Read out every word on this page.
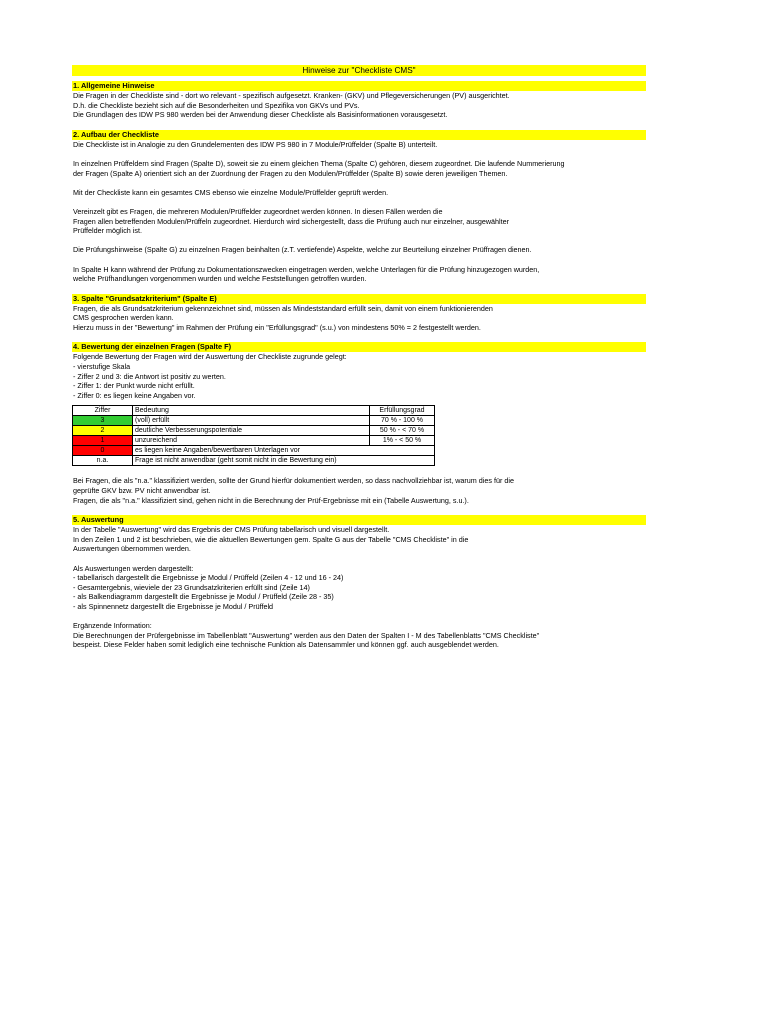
Hinweise zur "Checkliste CMS"
1. Allgemeine Hinweise
Die Fragen in der Checkliste sind - dort wo relevant - spezifisch aufgesetzt. Kranken- (GKV) und Pflegeversicherungen (PV) ausgerichtet.
D.h. die Checkliste bezieht sich auf die Besonderheiten und Spezifika von GKVs und PVs.
Die Grundlagen des IDW PS 980 werden bei der Anwendung dieser Checkliste als Basisinformationen vorausgesetzt.
2. Aufbau der Checkliste
Die Checkliste ist in Analogie zu den Grundelementen des IDW PS 980 in 7 Module/Prüffelder (Spalte B) unterteilt.
In einzelnen Prüffeldern sind Fragen (Spalte D), soweit sie zu einem gleichen Thema (Spalte C) gehören, diesem zugeordnet. Die laufende Nummerierung
der Fragen (Spalte A) orientiert sich an der Zuordnung der Fragen zu den Modulen/Prüffelder (Spalte B) sowie deren jeweiligen Themen.
Mit der Checkliste kann ein gesamtes CMS ebenso wie einzelne Module/Prüffelder geprüft werden.
Vereinzelt gibt es Fragen, die mehreren Modulen/Prüffelder zugeordnet werden können. In diesen Fällen werden die
Fragen allen betreffenden Modulen/Prüffeln zugeordnet. Hierdurch wird sichergestellt, dass die Prüfung auch nur einzelner, ausgewählter
Prüffelder möglich ist.
Die Prüfungshinweise (Spalte G) zu einzelnen Fragen beinhalten (z.T. vertiefende) Aspekte, welche zur Beurteilung einzelner Prüffragen dienen.
In Spalte H kann während der Prüfung zu Dokumentationszwecken eingetragen werden, welche Unterlagen für die Prüfung hinzugezogen wurden,
welche Prüfhandlungen vorgenommen wurden und welche Feststellungen getroffen wurden.
3. Spalte "Grundsatzkriterium" (Spalte E)
Fragen, die als Grundsatzkriterium gekennzeichnet sind, müssen als Mindeststandard erfüllt sein, damit von einem funktionierenden
CMS gesprochen werden kann.
Hierzu muss in der "Bewertung" im Rahmen der Prüfung ein "Erfüllungsgrad" (s.u.) von mindestens 50% = 2 festgestellt werden.
4. Bewertung der einzelnen Fragen (Spalte F)
Folgende Bewertung der Fragen wird der Auswertung der Checkliste zugrunde gelegt:
- vierstufige Skala
- Ziffer 2 und 3: die Antwort ist positiv zu werten.
- Ziffer 1: der Punkt wurde nicht erfüllt.
- Ziffer 0: es liegen keine Angaben vor.
Ziffer	Bedeutung	Erfüllungsgrad
3	(voll) erfüllt	70 % - 100 %
2	deutliche Verbesserungspotentiale	50 % - < 70 %
1	unzureichend	1% - < 50 %
0	es liegen keine Angaben/bewertbaren Unterlagen vor	
n.a.	Frage ist nicht anwendbar (geht somit nicht in die Bewertung ein)	
Bei Fragen, die als "n.a." klassifiziert werden, sollte der Grund hierfür dokumentiert werden, so dass nachvollziehbar ist, warum dies für die
geprüfte GKV bzw. PV nicht anwendbar ist.
Fragen, die als "n.a." klassifiziert sind, gehen nicht in die Berechnung der Prüf-Ergebnisse mit ein (Tabelle Auswertung, s.u.).
5. Auswertung
In der Tabelle "Auswertung" wird das Ergebnis der CMS Prüfung tabellarisch und visuell dargestellt.
In den Zeilen 1 und 2 ist beschrieben, wie die aktuellen Bewertungen gem. Spalte G aus der Tabelle "CMS Checkliste" in die
Auswertungen übernommen werden.
Als Auswertungen werden dargestellt:
- tabellarisch dargestellt die Ergebnisse je Modul / Prüffeld (Zeilen 4 - 12 und 16 - 24)
- Gesamtergebnis, wieviele der 23 Grundsatzkriterien erfüllt sind (Zeile 14)
- als Balkendiagramm dargestellt die Ergebnisse je Modul / Prüffeld (Zeile 28 - 35)
- als Spinnennetz dargestellt die Ergebnisse je Modul / Prüffeld
Ergänzende Information:
Die Berechnungen der Prüfergebnisse im Tabellenblatt "Auswertung" werden aus den Daten der Spalten I - M des Tabellenblatts "CMS Checkliste"
bespeist. Diese Felder haben somit lediglich eine technische Funktion als Datensammler und können ggf. auch ausgeblendet werden.
